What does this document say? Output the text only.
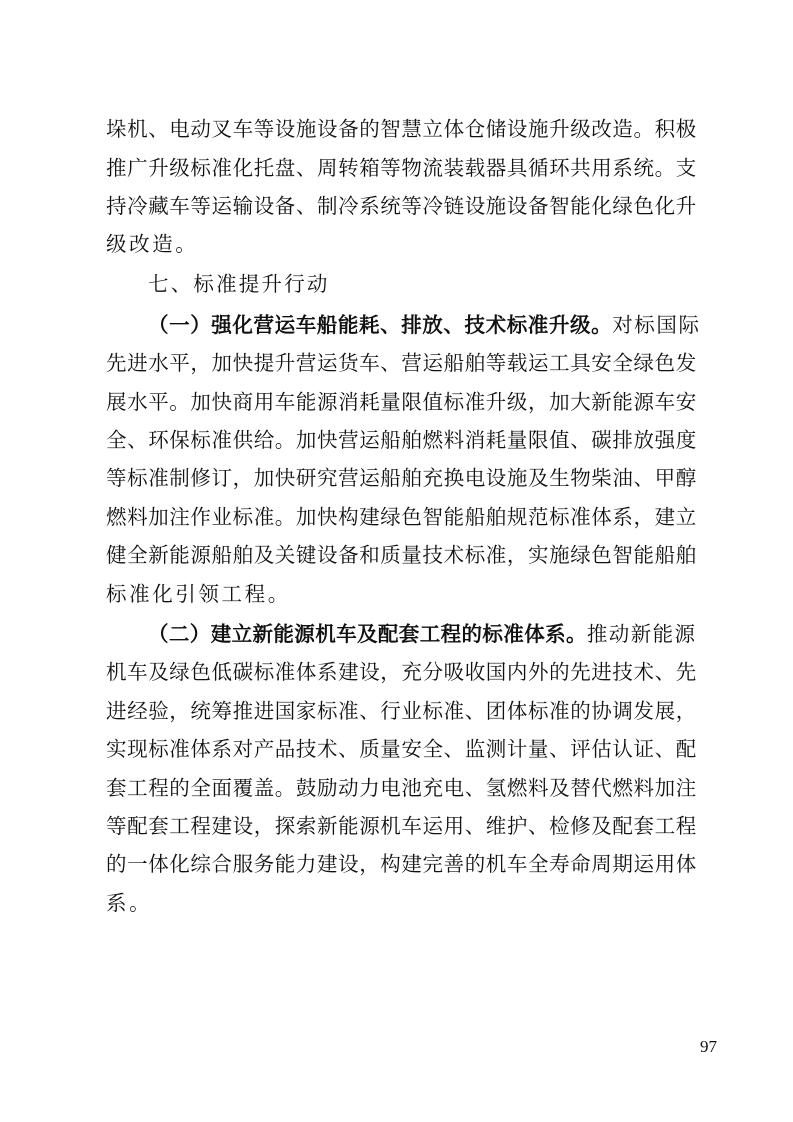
垛机、电动叉车等设施设备的智慧立体仓储设施升级改造。积极
推广升级标准化托盘、周转箱等物流装载器具循环共用系统。支
持冷藏车等运输设备、制冷系统等冷链设施设备智能化绿色化升
级改造。
七、标准提升行动
（一）强化营运车船能耗、排放、技术标准升级。对标国际
先进水平，加快提升营运货车、营运船舶等载运工具安全绿色发
展水平。加快商用车能源消耗量限值标准升级，加大新能源车安
全、环保标准供给。加快营运船舶燃料消耗量限值、碳排放强度
等标准制修订，加快研究营运船舶充换电设施及生物柴油、甲醇
燃料加注作业标准。加快构建绿色智能船舶规范标准体系，建立
健全新能源船舶及关键设备和质量技术标准，实施绿色智能船舶
标准化引领工程。
（二）建立新能源机车及配套工程的标准体系。推动新能源
机车及绿色低碳标准体系建设，充分吸收国内外的先进技术、先
进经验，统筹推进国家标准、行业标准、团体标准的协调发展，
实现标准体系对产品技术、质量安全、监测计量、评估认证、配
套工程的全面覆盖。鼓励动力电池充电、氢燃料及替代燃料加注
等配套工程建设，探索新能源机车运用、维护、检修及配套工程
的一体化综合服务能力建设，构建完善的机车全寿命周期运用体
系。
97
